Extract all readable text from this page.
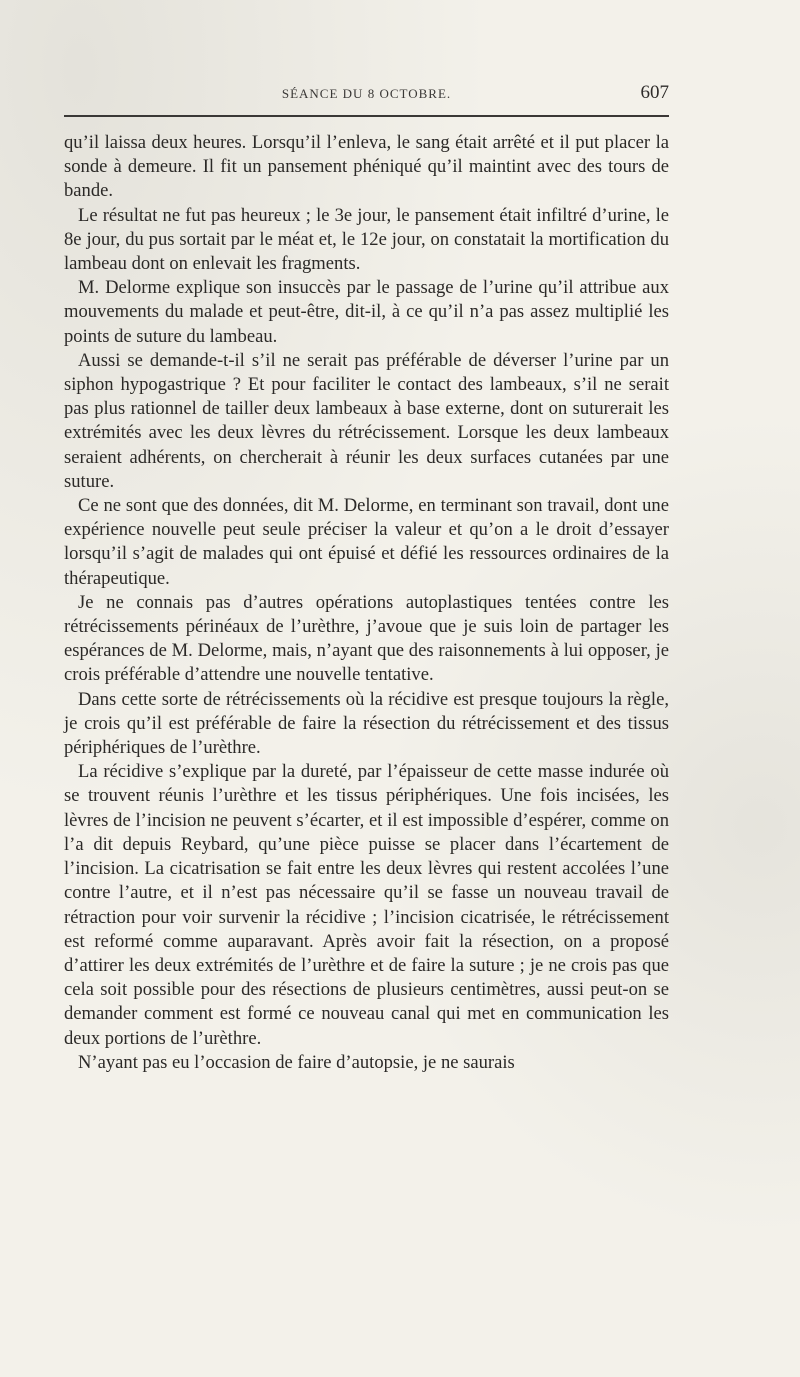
SÉANCE DU 8 OCTOBRE.	607

qu’il laissa deux heures. Lorsqu’il l’enleva, le sang était arrêté et il put placer la sonde à demeure. Il fit un pansement phéniqué qu’il maintint avec des tours de bande.

Le résultat ne fut pas heureux ; le 3e jour, le pansement était infiltré d’urine, le 8e jour, du pus sortait par le méat et, le 12e jour, on constatait la mortification du lambeau dont on enlevait les fragments.

M. Delorme explique son insuccès par le passage de l’urine qu’il attribue aux mouvements du malade et peut-être, dit-il, à ce qu’il n’a pas assez multiplié les points de suture du lambeau.

Aussi se demande-t-il s’il ne serait pas préférable de déverser l’urine par un siphon hypogastrique ? Et pour faciliter le contact des lambeaux, s’il ne serait pas plus rationnel de tailler deux lambeaux à base externe, dont on suturerait les extrémités avec les deux lèvres du rétrécissement. Lorsque les deux lambeaux seraient adhérents, on chercherait à réunir les deux surfaces cutanées par une suture.

Ce ne sont que des données, dit M. Delorme, en terminant son travail, dont une expérience nouvelle peut seule préciser la valeur et qu’on a le droit d’essayer lorsqu’il s’agit de malades qui ont épuisé et défié les ressources ordinaires de la thérapeutique.

Je ne connais pas d’autres opérations autoplastiques tentées contre les rétrécissements périnéaux de l’urèthre, j’avoue que je suis loin de partager les espérances de M. Delorme, mais, n’ayant que des raisonnements à lui opposer, je crois préférable d’attendre une nouvelle tentative.

Dans cette sorte de rétrécissements où la récidive est presque toujours la règle, je crois qu’il est préférable de faire la résection du rétrécissement et des tissus périphériques de l’urèthre.

La récidive s’explique par la dureté, par l’épaisseur de cette masse indurée où se trouvent réunis l’urèthre et les tissus périphériques. Une fois incisées, les lèvres de l’incision ne peuvent s’écarter, et il est impossible d’espérer, comme on l’a dit depuis Reybard, qu’une pièce puisse se placer dans l’écartement de l’incision. La cicatrisation se fait entre les deux lèvres qui restent accolées l’une contre l’autre, et il n’est pas nécessaire qu’il se fasse un nouveau travail de rétraction pour voir survenir la récidive ; l’incision cicatrisée, le rétrécissement est reformé comme auparavant. Après avoir fait la résection, on a proposé d’attirer les deux extrémités de l’urèthre et de faire la suture ; je ne crois pas que cela soit possible pour des résections de plusieurs centimètres, aussi peut-on se demander comment est formé ce nouveau canal qui met en communication les deux portions de l’urèthre.

N’ayant pas eu l’occasion de faire d’autopsie, je ne saurais
